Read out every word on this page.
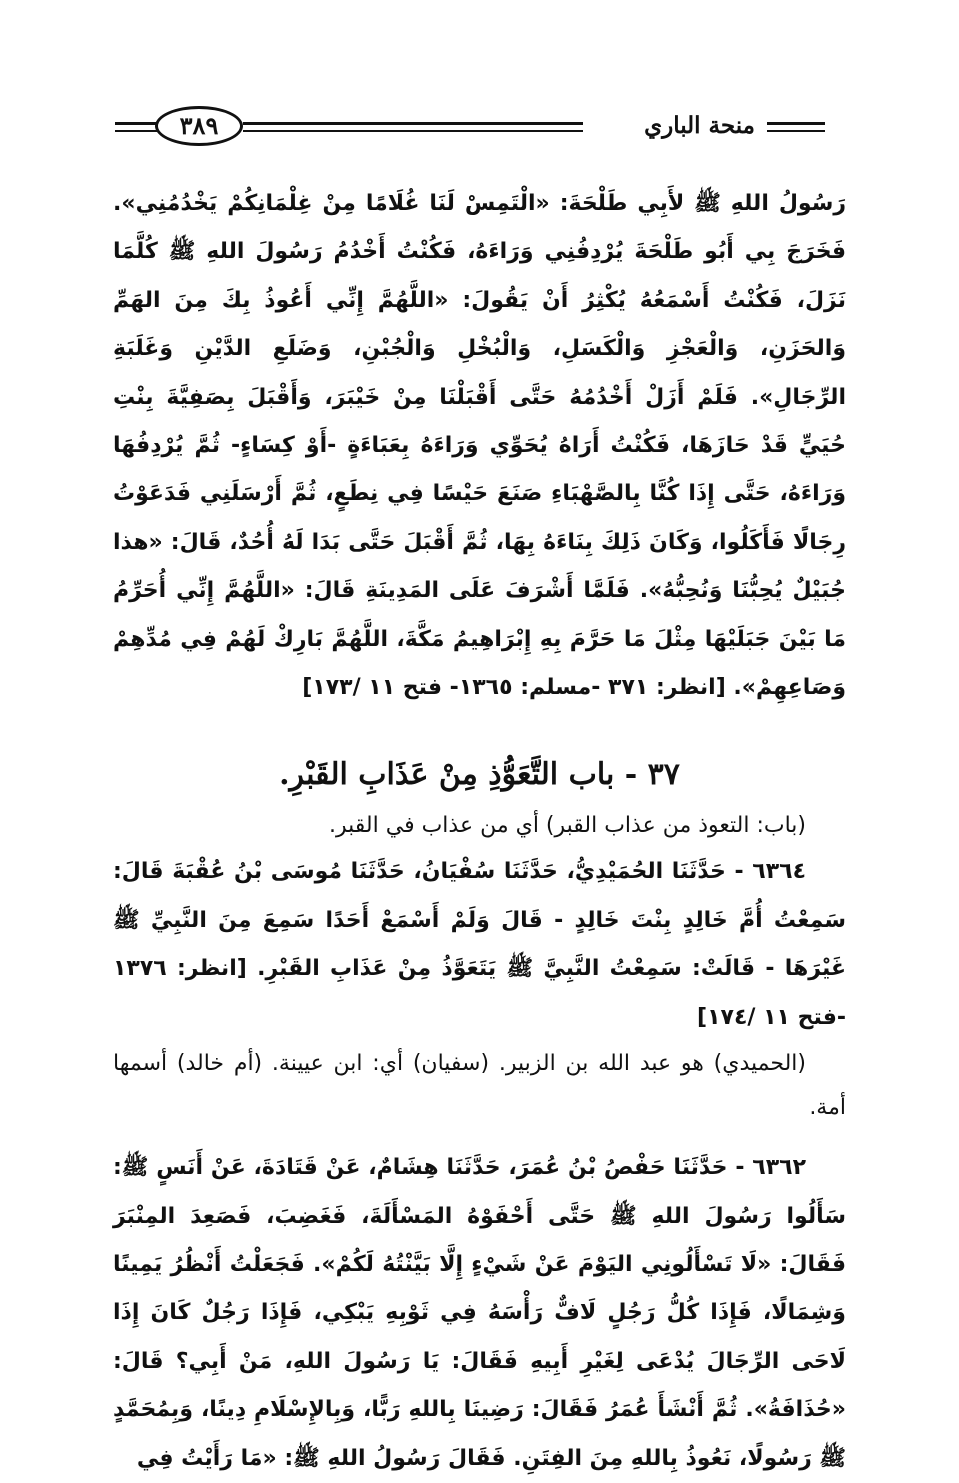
منحة الباري
٣٨٩

رَسُولُ اللهِ ﷺ لأَبِي طَلْحَةَ: «الْتَمِسْ لَنَا غُلَامًا مِنْ غِلْمَانِكُمْ يَخْدُمُنِي». فَخَرَجَ بِي أَبُو طَلْحَةَ يُرْدِفُنِي وَرَاءَهُ، فَكُنْتُ أَخْدُمُ رَسُولَ اللهِ ﷺ كُلَّمَا نَزَلَ، فَكُنْتُ أَسْمَعُهُ يُكْثِرُ أَنْ يَقُولَ: «اللَّهُمَّ إِنِّي أَعُوذُ بِكَ مِنَ الهَمِّ وَالحَزَنِ، وَالْعَجْزِ وَالْكَسَلِ، وَالْبُخْلِ وَالْجُبْنِ، وَضَلَعِ الدَّيْنِ وَغَلَبَةِ الرِّجَالِ». فَلَمْ أَزَلْ أَخْدُمُهُ حَتَّى أَقْبَلْنَا مِنْ خَيْبَرَ، وَأَقْبَلَ بِصَفِيَّةَ بِنْتِ حُيَيٍّ قَدْ حَازَهَا، فَكُنْتُ أَرَاهُ يُحَوِّي وَرَاءَهُ بِعَبَاءَةٍ -أَوْ كِسَاءٍ- ثُمَّ يُرْدِفُهَا وَرَاءَهُ، حَتَّى إِذَا كُنَّا بِالصَّهْبَاءِ صَنَعَ حَيْسًا فِي نِطَعٍ، ثُمَّ أَرْسَلَنِي فَدَعَوْتُ رِجَالًا فَأَكَلُوا، وَكَانَ ذَلِكَ بِنَاءَهُ بِهَا، ثُمَّ أَقْبَلَ حَتَّى بَدَا لَهُ أُحُدٌ، قَالَ: «هذا جُبَيْلٌ يُحِبُّنَا وَنُحِبُّهُ». فَلَمَّا أَشْرَفَ عَلَى المَدِينَةِ قَالَ: «اللَّهُمَّ إِنِّي أُحَرِّمُ مَا بَيْنَ جَبَلَيْهَا مِثْلَ مَا حَرَّمَ بِهِ إِبْرَاهِيمُ مَكَّةَ، اللَّهُمَّ بَارِكْ لَهُمْ فِي مُدِّهِمْ وَصَاعِهِمْ». [انظر: ٣٧١ -مسلم: ١٣٦٥- فتح ١١ /١٧٣]

٣٧ - باب التَّعَوُّذِ مِنْ عَذَابِ القَبْرِ.

(باب: التعوذ من عذاب القبر) أي من عذاب في القبر.

٦٣٦٤ - حَدَّثَنَا الحُمَيْدِيُّ، حَدَّثَنَا سُفْيَانُ، حَدَّثَنَا مُوسَى بْنُ عُقْبَةَ قَالَ: سَمِعْتُ أُمَّ خَالِدٍ بِنْتَ خَالِدٍ - قَالَ وَلَمْ أَسْمَعْ أَحَدًا سَمِعَ مِنَ النَّبِيِّ ﷺ غَيْرَهَا - قَالَتْ: سَمِعْتُ النَّبِيَّ ﷺ يَتَعَوَّذُ مِنْ عَذَابِ القَبْرِ. [انظر: ١٣٧٦ -فتح ١١ /١٧٤]

(الحميدي) هو عبد الله بن الزبير. (سفيان) أي: ابن عيينة. (أم خالد) أسمها أمة.

٦٣٦٢ - حَدَّثَنَا حَفْصُ بْنُ عُمَرَ، حَدَّثَنَا هِشَامٌ، عَنْ قَتَادَةَ، عَنْ أَنَسٍ ﷺ: سَأَلُوا رَسُولَ اللهِ ﷺ حَتَّى أَحْفَوْهُ المَسْأَلَةَ، فَغَضِبَ، فَصَعِدَ المِنْبَرَ فَقَالَ: «لَا تَسْأَلُونِي اليَوْمَ عَنْ شَيْءٍ إِلَّا بَيَّنْتُهُ لَكُمْ». فَجَعَلْتُ أَنْظُرُ يَمِينًا وَشِمَالًا، فَإِذَا كُلُّ رَجُلٍ لَافٌّ رَأْسَهُ فِي ثَوْبِهِ يَبْكِي، فَإِذَا رَجُلٌ كَانَ إِذَا لَاحَى الرِّجَالَ يُدْعَى لِغَيْرِ أَبِيهِ فَقَالَ: يَا رَسُولَ اللهِ، مَنْ أَبِي؟ قَالَ: «حُذَافَةُ». ثُمَّ أَنْشَأَ عُمَرُ فَقَالَ: رَضِينَا بِاللهِ رَبًّا، وَبِالإِسْلَامِ دِينًا، وَبِمُحَمَّدٍ ﷺ رَسُولًا، نَعُوذُ بِاللهِ مِنَ الفِتَنِ. فَقَالَ رَسُولُ اللهِ ﷺ: «مَا رَأَيْتُ فِي
